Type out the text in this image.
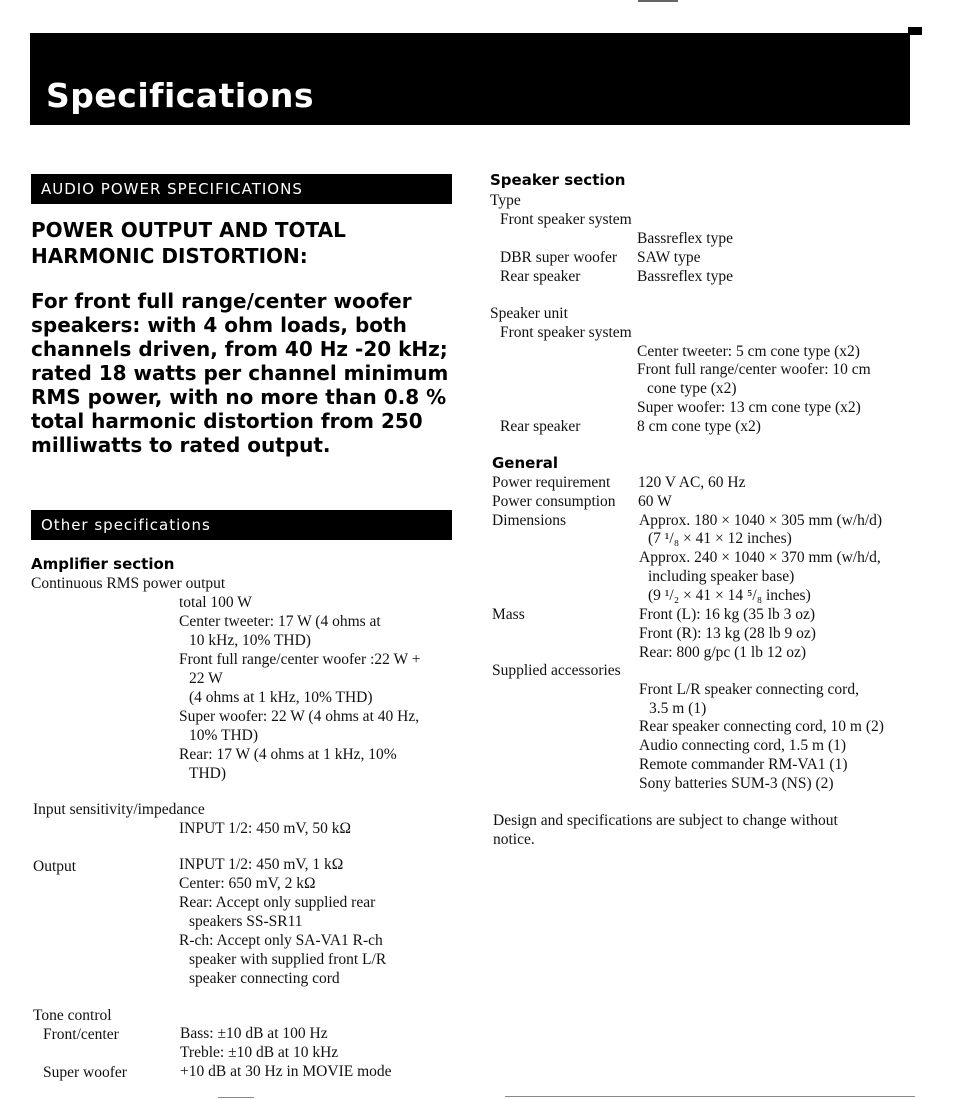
Specifications
AUDIO POWER SPECIFICATIONS
POWER OUTPUT AND TOTAL HARMONIC DISTORTION:
For front full range/center woofer speakers: with 4 ohm loads, both channels driven, from 40 Hz -20 kHz; rated 18 watts per channel minimum RMS power, with no more than 0.8 % total harmonic distortion from 250 milliwatts to rated output.
Other specifications
Amplifier section
Continuous RMS power output
total 100 W
Center tweeter: 17 W (4 ohms at
10 kHz, 10% THD)
Front full range/center woofer :22 W +
22 W
(4 ohms at 1 kHz, 10% THD)
Super woofer: 22 W (4 ohms at 40 Hz,
10% THD)
Rear: 17 W (4 ohms at 1 kHz, 10%
THD)
Input sensitivity/impedance
INPUT 1/2: 450 mV, 50 kΩ
Output	INPUT 1/2: 450 mV, 1 kΩ
Center: 650 mV, 2 kΩ
Rear: Accept only supplied rear
speakers SS-SR11
R-ch: Accept only SA-VA1 R-ch
speaker with supplied front L/R
speaker connecting cord
Tone control
Front/center	Bass: ±10 dB at 100 Hz
Treble: ±10 dB at 10 kHz
Super woofer	+10 dB at 30 Hz in MOVIE mode
Speaker section
Type
Front speaker system
Bassreflex type
DBR super woofer SAW type
Rear speaker	Bassreflex type
Speaker unit
Front speaker system
Center tweeter: 5 cm cone type (x2)
Front full range/center woofer: 10 cm
cone type (x2)
Super woofer: 13 cm cone type (x2)
Rear speaker	8 cm cone type (x2)
General
Power requirement 120 V AC, 60 Hz
Power consumption 60 W
Dimensions	Approx. 180 × 1040 × 305 mm (w/h/d)
(7 ¹/₈ × 41 × 12 inches)
Approx. 240 × 1040 × 370 mm (w/h/d,
including speaker base)
(9 ¹/₂ × 41 × 14 ⁵/₈ inches)
Mass	Front (L): 16 kg (35 lb 3 oz)
Front (R): 13 kg (28 lb 9 oz)
Rear: 800 g/pc (1 lb 12 oz)
Supplied accessories
Front L/R speaker connecting cord,
3.5 m (1)
Rear speaker connecting cord, 10 m (2)
Audio connecting cord, 1.5 m (1)
Remote commander RM-VA1 (1)
Sony batteries SUM-3 (NS) (2)
Design and specifications are subject to change without
notice.
